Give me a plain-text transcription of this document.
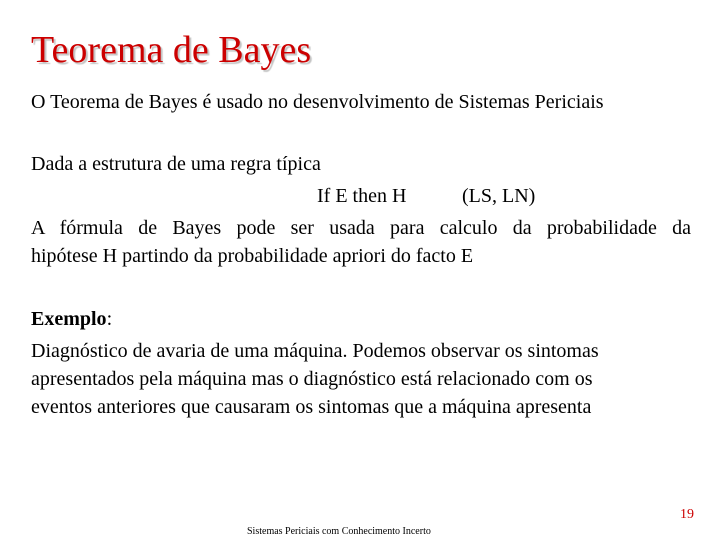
Teorema de Bayes
O Teorema de Bayes é usado no desenvolvimento de Sistemas Periciais
Dada a estrutura de uma regra típica
If E then H	(LS, LN)
A fórmula de Bayes pode ser usada para calculo da probabilidade da
hipótese H partindo da probabilidade apriori do facto E
Exemplo:
Diagnóstico de avaria de uma máquina. Podemos observar os sintomas
apresentados pela máquina mas o diagnóstico está relacionado com os
eventos anteriores que causaram os sintomas que a máquina apresenta
19
Sistemas Periciais com Conhecimento Incerto
